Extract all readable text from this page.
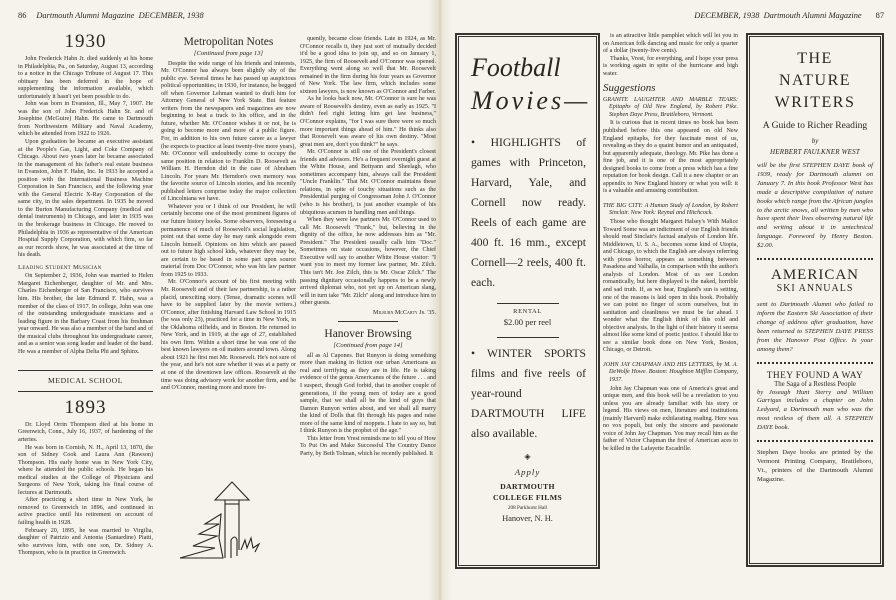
86 Dartmouth Alumni Magazine DECEMBER, 1938	DECEMBER, 1938 Dartmouth Alumni Magazine 87
1930

John Frederick Hahn Jr. died suddenly at his home in Philadelphia, Pa., on Saturday, August 13, according to a notice in the Chicago Tribune of August 17. This obituary has been deferred in the hope of supplementing the information available, which unfortunately it hasn't yet been possible to do.

John was born in Evanston, Ill., May 7, 1907. He was the son of John Frederick Hahn Sr. and of Josephine (McGuire) Hahn. He came to Dartmouth from Northwestern Military and Naval Academy, which he attended from 1922 to 1926.

Upon graduation he became an executive assistant at the People's Gas, Light, and Coke Company of Chicago. About two years later he became associated in the management of his father's real estate business in Evanston, John F. Hahn, Inc. In 1933 he accepted a position with the International Business Machine Corporation in San Francisco, and the following year with the General Electric X-Ray Corporation of the same city, in the sales department. In 1935 he moved to the Burton Manufacturing Company (medical and dental instruments) in Chicago, and later in 1935 was in the brokerage business in Chicago. He moved to Philadelphia in 1936 as representative of the American Hospital Supply Corporation, with which firm, so far as our records show, he was associated at the time of his death.

Leading Student Musician

On September 2, 1936, John was married to Helen Margaret Eichenberger, daughter of Mr. and Mrs. Charles Eichenberger of San Francisco, who survives him. His brother, the late Edmund F. Hahn, was a member of the class of 1917. In college, John was one of the outstanding undergraduate musicians and a leading figure in the Barbary Coast from his freshman year onward. He was also a member of the band and of the musical clubs throughout his undergraduate career, and as a senior was song leader and leader of the band. He was a member of Alpha Delta Phi and Sphinx.

MEDICAL SCHOOL
1893

Dr. Lloyd Orrin Thompson died at his home in Greenwich, Conn., July 16, 1937, of hardening of the arteries.

He was born in Cornish, N. H., April 13, 1870, the son of Sidney Cook and Laura Ann (Rawson) Thompson. His early home was in New York City, where he attended the public schools. He began his medical studies at the College of Physicians and Surgeons of New York, taking his final course of lectures at Dartmouth.

After practicing a short time in New York, he removed to Greenwich in 1896, and continued in active practice until his retirement on account of failing health in 1928.

February 20, 1895, he was married to Virgilia, daughter of Patrizio and Antonia (Santardine) Piatti, who survives him, with one son, Dr. Sidney A. Thompson, who is in practice in Greenwich.

Metropolitan Notes
[Continued from page 13]

Despite the wide range of his friends and interests, Mr. O'Connor has always been slightly shy of the public eye. Several times he has passed up auspicious political opportunities; in 1930, for instance, he begged off when Governor Lehman wanted to draft him for Attorney General of New York State. But feature writers from the newspapers and magazines are now beginning to beat a track to his office, and in the future, whether Mr. O'Connor wishes it or not, he is going to become more and more of a public figure. For, in addition to his own future career as a lawyer (he expects to practice at least twenty-five more years), Mr. O'Connor will undoubtedly come to occupy the same position in relation to Franklin D. Roosevelt as William H. Herndon did in the case of Abraham Lincoln. For years Mr. Herndon's own memory was the favorite source of Lincoln stories, and his recently published letters comprise today the major collection of Lincolniana we have.

Whatever you or I think of our President, he will certainly become one of the most prominent figures of our future history books. Some observers, foreseeing a permanence of much of Roosevelt's social legislation, point out that some day he may rank alongside even Lincoln himself. Opinions on him which are passed out to future high school kids, whatever they may be, are certain to be based in some part upon source material from Doc O'Connor, who was his law partner from 1925 to 1933.

Mr. O'Connor's account of his first meeting with Mr. Roosevelt and of their law partnership, is a rather placid, unexciting story. (Tense, dramatic scenes will have to be supplied later by the movie writers.) O'Connor, after finishing Harvard Law School in 1915 (he was only 23), practiced for a time in New York, in the Oklahoma oilfields, and in Boston. He returned to New York, and in 1919, at the age of 27, established his own firm. Within a short time he was one of the best known lawyers on oil matters around town. Along about 1921 he first met Mr. Roosevelt. He's not sure of the year, and he's not sure whether it was at a party or at one of the downtown law offices. Roosevelt at the time was doing advisory work for another firm, and he and O'Connor, meeting more and more fre-

quently, became close friends. Late in 1924, as Mr. O'Connor recalls it, they just sort of mutually decided it'd be a good idea to join up, and so on January 1, 1925, the firm of Roosevelt and O'Connor was opened. Everything went along so well that Mr. Roosevelt remained in the firm during his four years as Governor of New York. The law firm, which includes some sixteen lawyers, is now known as O'Connor and Farber.

As he looks back now, Mr. O'Connor is sure he was aware of Roosevelt's destiny, even as early as 1925. "I didn't feel right letting him get law business," O'Connor explains, "for I was sure there were so much more important things ahead of him." He thinks also that Roosevelt was aware of his own destiny. "Most great men are, don't you think?" he says.

Mr. O'Connor is still one of the President's closest friends and advisors. He's a frequent overnight guest at the White House, and Bettyann and Sheelagh, who sometimes accompany him, always call the President "Uncle Franklin." That Mr. O'Connor maintains these relations, in spite of touchy situations such as the Presidential purging of Congressman John J. O'Connor (who is his brother), is just another example of his ubiquitous acumen in handling men and things.

When they were law partners Mr. O'Connor used to call Mr. Roosevelt "Frank," but, believing in the dignity of the office, he now addresses him as "Mr. President." The President usually calls him "Doc." Sometimes on state occasions, however, the Chief Executive will say to another White House visitor: "I want you to meet my former law partner, Mr. Zilch. This isn't Mr. Joe Zilch, this is Mr. Oscar Zilch." The passing dignitary occasionally happens to be a newly arrived diplomat who, not yet up on American slang, will in turn take "Mr. Zilch" along and introduce him to other guests.

Milburn McCarty Jr. '35.
Hanover Browsing
[Continued from page 14]

all as Al Capones. But Runyon is doing something more than making in fiction our urban Americans as real and terrifying as they are in life. He is taking evidence of the genus Americanus of the future . . . and I suspect, though God forbid, that in another couple of generations, if the young men of today are a good sample, that we shall all be the kind of guys that Damon Runyon writes about, and we shall all marry the kind of Dolls that flit through his pages and raise more of the same kind of moppets. I hate to say so, but I think Runyon is the prophet of the age."

This letter from Vrest reminds me to tell you of How To Put On and Make Successful The Country Dance Party, by Beth Tolman, which he recently published. It

Football
Movies—
• HIGHLIGHTS of games with Princeton, Harvard, Yale, and Cornell now ready. Reels of each game are 400 ft. 16 mm., except Cornell—2 reels, 400 ft. each.
RENTAL
$2.00 per reel
• WINTER SPORTS films and five reels of year-round DARTMOUTH LIFE also available.
◈
Apply
DARTMOUTH
COLLEGE FILMS
208 Parkhurst Hall
Hanover, N. H.

is an attractive little pamphlet which will let you in on American folk dancing and music for only a quarter of a dollar (twenty-five cents).

Thanks, Vrest, for everything, and I hope your press is working again in spite of the hurricane and high water.

Suggestions
GRANITE LAUGHTER AND MARBLE TEARS: Epitaphs of Old New England, by Robert Pike. Stephen Daye Press, Brattleboro, Vermont.

It is curious that in recent times no book has been published before this one appeared on old New England epitaphs, for they fascinate most of us, revealing as they do a quaint humor and an antiquated, but apparently adequate, theology. Mr. Pike has done a fine job, and it is one of the most appropriately designed books to come from a press which has a fine reputation for book design. Call it a new chapter or an appendix to New England history or what you will: it is a valuable and amusing contribution.

THE BIG CITY: A Human Study of London, by Robert Sinclair. New York: Reynal and Hitchcock.

Those who thought Margaret Halsey's With Malice Toward Some was an indictment of our English friends should read Sinclair's factual analysis of London life. Middletown, U. S. A., becomes some kind of Utopia, and Chicago, to which the English are always referring with pious horror, appears as something between Pasadena and Valhalla, in comparison with the author's analysis of London. Most of us see London romantically, but here displayed is the naked, horrible and sad truth. If, as we hear, England's sun is setting, one of the reasons is laid open in this book. Probably we can point no finger of scorn ourselves, but in sanitation and cleanliness we must be far ahead. I wonder what the English think of this cold and objective analysis. In the light of their history it seems almost like some kind of poetic justice. I should like to see a similar book done on New York, Boston, Chicago, or Detroit.

JOHN JAY CHAPMAN AND HIS LETTERS, by M. A. DeWolfe Howe. Boston: Houghton Mifflin Company, 1937.

John Jay Chapman was one of America's great and unique men, and this book will be a revelation to you unless you are already familiar with his story or legend. His views on men, literature and institutions (mainly Harvard) make exhilarating reading. Here was no vox populi, but only the sincere and passionate voice of John Jay Chapman. You may recall him as the father of Victor Chapman the first of American aces to be killed in the Lafayette Escadrille.

THE
NATURE
WRITERS
A Guide to Richer Reading
by
HERBERT FAULKNER WEST
will be the first STEPHEN DAYE book of 1939, ready for Dartmouth alumni on January 7. In this book Professor West has made a descriptive compilation of nature books which range from the African jungles to the arctic snows, all written by men who have spent their lives observing natural life and writing about it in untechnical language. Foreword by Henry Beston. $2.00.
AMERICAN
SKI ANNUALS
sent to Dartmouth Alumni who failed to inform the Eastern Ski Association of their change of address after graduation, have been returned to STEPHEN DAYE PRESS from the Hanover Post Office. Is your among them?
THEY FOUND A WAY
The Saga of a Restless People
by Joseagh Hunt Sterry and William Garrigus includes a chapter on John Ledyard, a Dartmouth man who was the most restless of them all. A STEPHEN DAYE book.
Stephen Daye books are printed by the Vermont Printing Company, Brattleboro, Vt., printers of the Dartmouth Alumni Magazine.
